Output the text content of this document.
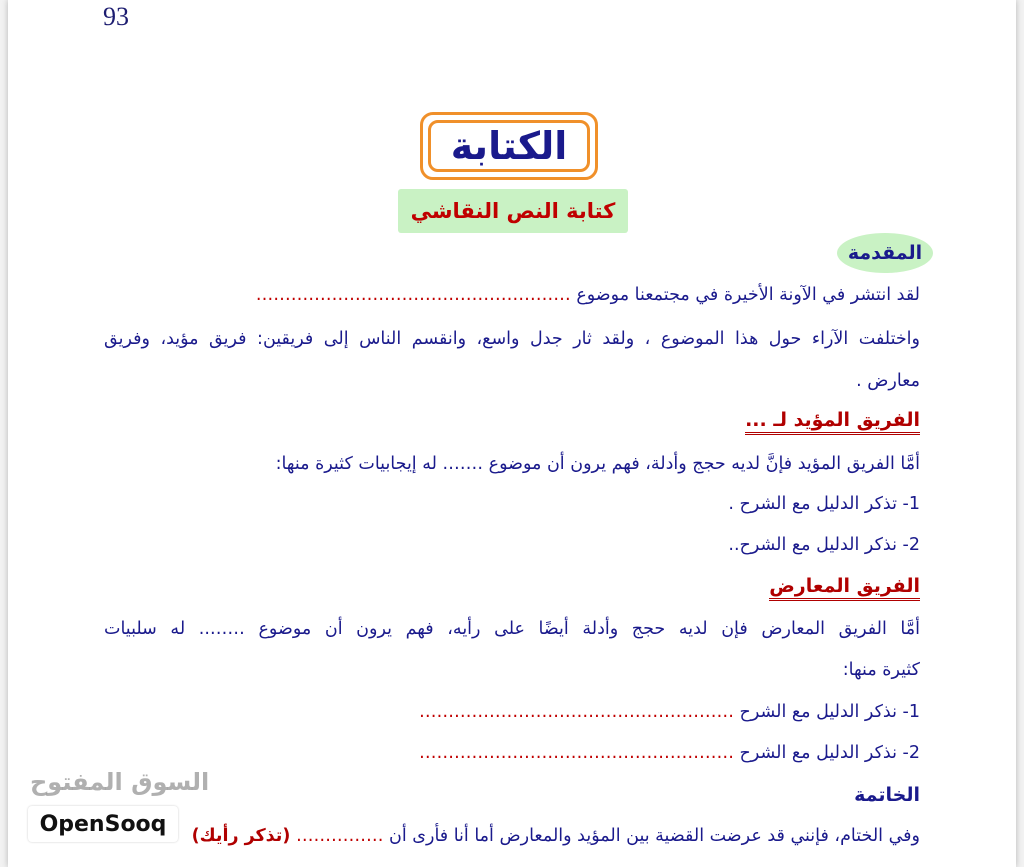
93
الكتابة
كتابة النص النقاشي
المقدمة
لقد انتشر في الآونة الأخيرة في مجتمعنا موضوع ………………………………………………
واختلفت الآراء حول هذا الموضوع ، ولقد ثار جدل واسع، وانقسم الناس إلى فريقين: فريق مؤيد، وفريق
معارض .
الفريق المؤيد لـ ...
أمَّا الفريق المؤيد فإنَّ لديه حجج وأدلة، فهم يرون أن موضوع ……. له إيجابيات كثيرة منها:
1- تذكر الدليل مع الشرح .
2- نذكر الدليل مع الشرح..
الفريق المعارض
أمَّا الفريق المعارض فإن لديه حجج وأدلة أيضًا على رأيه، فهم يرون أن موضوع …….. له سلبيات
كثيرة منها:
1- نذكر الدليل مع الشرح ………………………………………………
2- نذكر الدليل مع الشرح ………………………………………………
الخاتمة
وفي الختام، فإنني قد عرضت القضية بين المؤيد والمعارض أما أنا فأرى أن …………… (تذكر رأيك)
السوق المفتوح
OpenSooq
